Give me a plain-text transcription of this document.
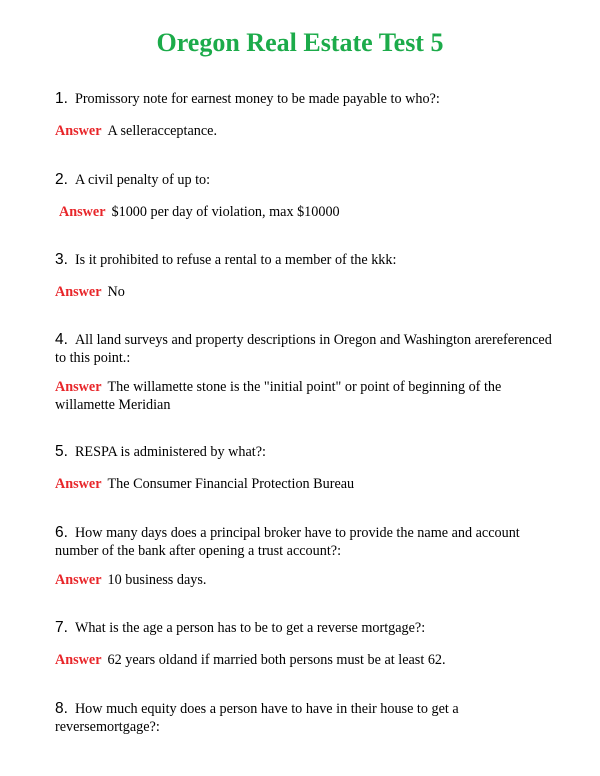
Oregon Real Estate Test 5
1. Promissory note for earnest money to be made payable to who?:
Answer A selleracceptance.
2. A civil penalty of up to:
Answer $1000 per day of violation, max $10000
3. Is it prohibited to refuse a rental to a member of the kkk:
Answer No
4. All land surveys and property descriptions in Oregon and Washington arereferenced to this point.:
Answer The willamette stone is the "initial point" or point of beginning of the willamette Meridian
5. RESPA is administered by what?:
Answer The Consumer Financial Protection Bureau
6. How many days does a principal broker have to provide the name and account number of the bank after opening a trust account?:
Answer 10 business days.
7. What is the age a person has to be to get a reverse mortgage?:
Answer 62 years oldand if married both persons must be at least 62.
8. How much equity does a person have to have in their house to get a reversemortgage?:
